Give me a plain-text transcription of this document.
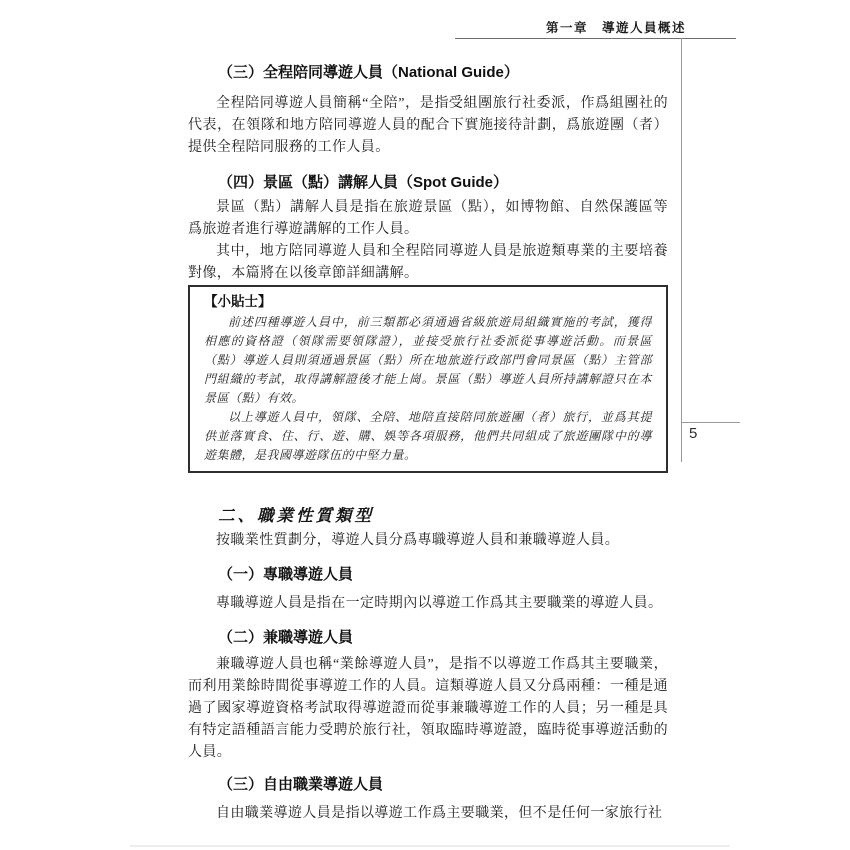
第一章　導遊人員概述
5
（三）全程陪同導遊人員（National Guide）

全程陪同導遊人員簡稱“全陪”，是指受組團旅行社委派，作爲組團社的代表，在領隊和地方陪同導遊人員的配合下實施接待計劃，爲旅遊團（者）提供全程陪同服務的工作人員。

（四）景區（點）講解人員（Spot Guide）

景區（點）講解人員是指在旅遊景區（點），如博物館、自然保護區等爲旅遊者進行導遊講解的工作人員。

其中，地方陪同導遊人員和全程陪同導遊人員是旅遊類專業的主要培養對像，本篇將在以後章節詳細講解。

【小貼士】

前述四種導遊人員中，前三類都必須通過省級旅遊局組織實施的考試，獲得相應的資格證（領隊需要領隊證），並接受旅行社委派從事導遊活動。而景區（點）導遊人員則須通過景區（點）所在地旅遊行政部門會同景區（點）主管部門組織的考試，取得講解證後才能上崗。景區（點）導遊人員所持講解證只在本景區（點）有效。

以上導遊人員中，領隊、全陪、地陪直接陪同旅遊團（者）旅行，並爲其提供並落實食、住、行、遊、購、娛等各項服務，他們共同組成了旅遊團隊中的導遊集體，是我國導遊隊伍的中堅力量。

二、職業性質類型

按職業性質劃分，導遊人員分爲專職導遊人員和兼職導遊人員。

（一）專職導遊人員

專職導遊人員是指在一定時期內以導遊工作爲其主要職業的導遊人員。

（二）兼職導遊人員

兼職導遊人員也稱“業餘導遊人員”，是指不以導遊工作爲其主要職業，而利用業餘時間從事導遊工作的人員。這類導遊人員又分爲兩種：一種是通過了國家導遊資格考試取得導遊證而從事兼職導遊工作的人員；另一種是具有特定語種語言能力受聘於旅行社，領取臨時導遊證，臨時從事導遊活動的人員。

（三）自由職業導遊人員

自由職業導遊人員是指以導遊工作爲主要職業，但不是任何一家旅行社
